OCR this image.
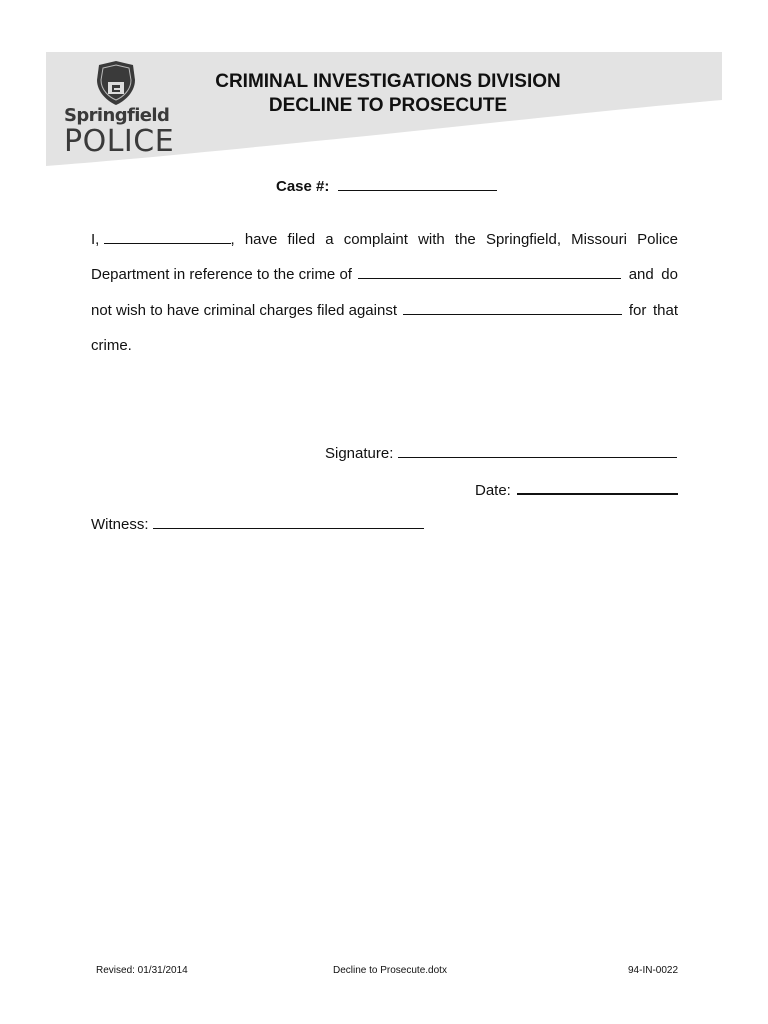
Springfield
POLICE
CRIMINAL INVESTIGATIONS DIVISION
DECLINE TO PROSECUTE
Case #:
I,	, have filed a complaint with the Springfield, Missouri Police
Department in reference to the crime of	and do
not wish to have criminal charges filed against	for that
crime.
Signature:
Date:
Witness:
Revised: 01/31/2014	Decline to Prosecute.dotx	94-IN-0022
